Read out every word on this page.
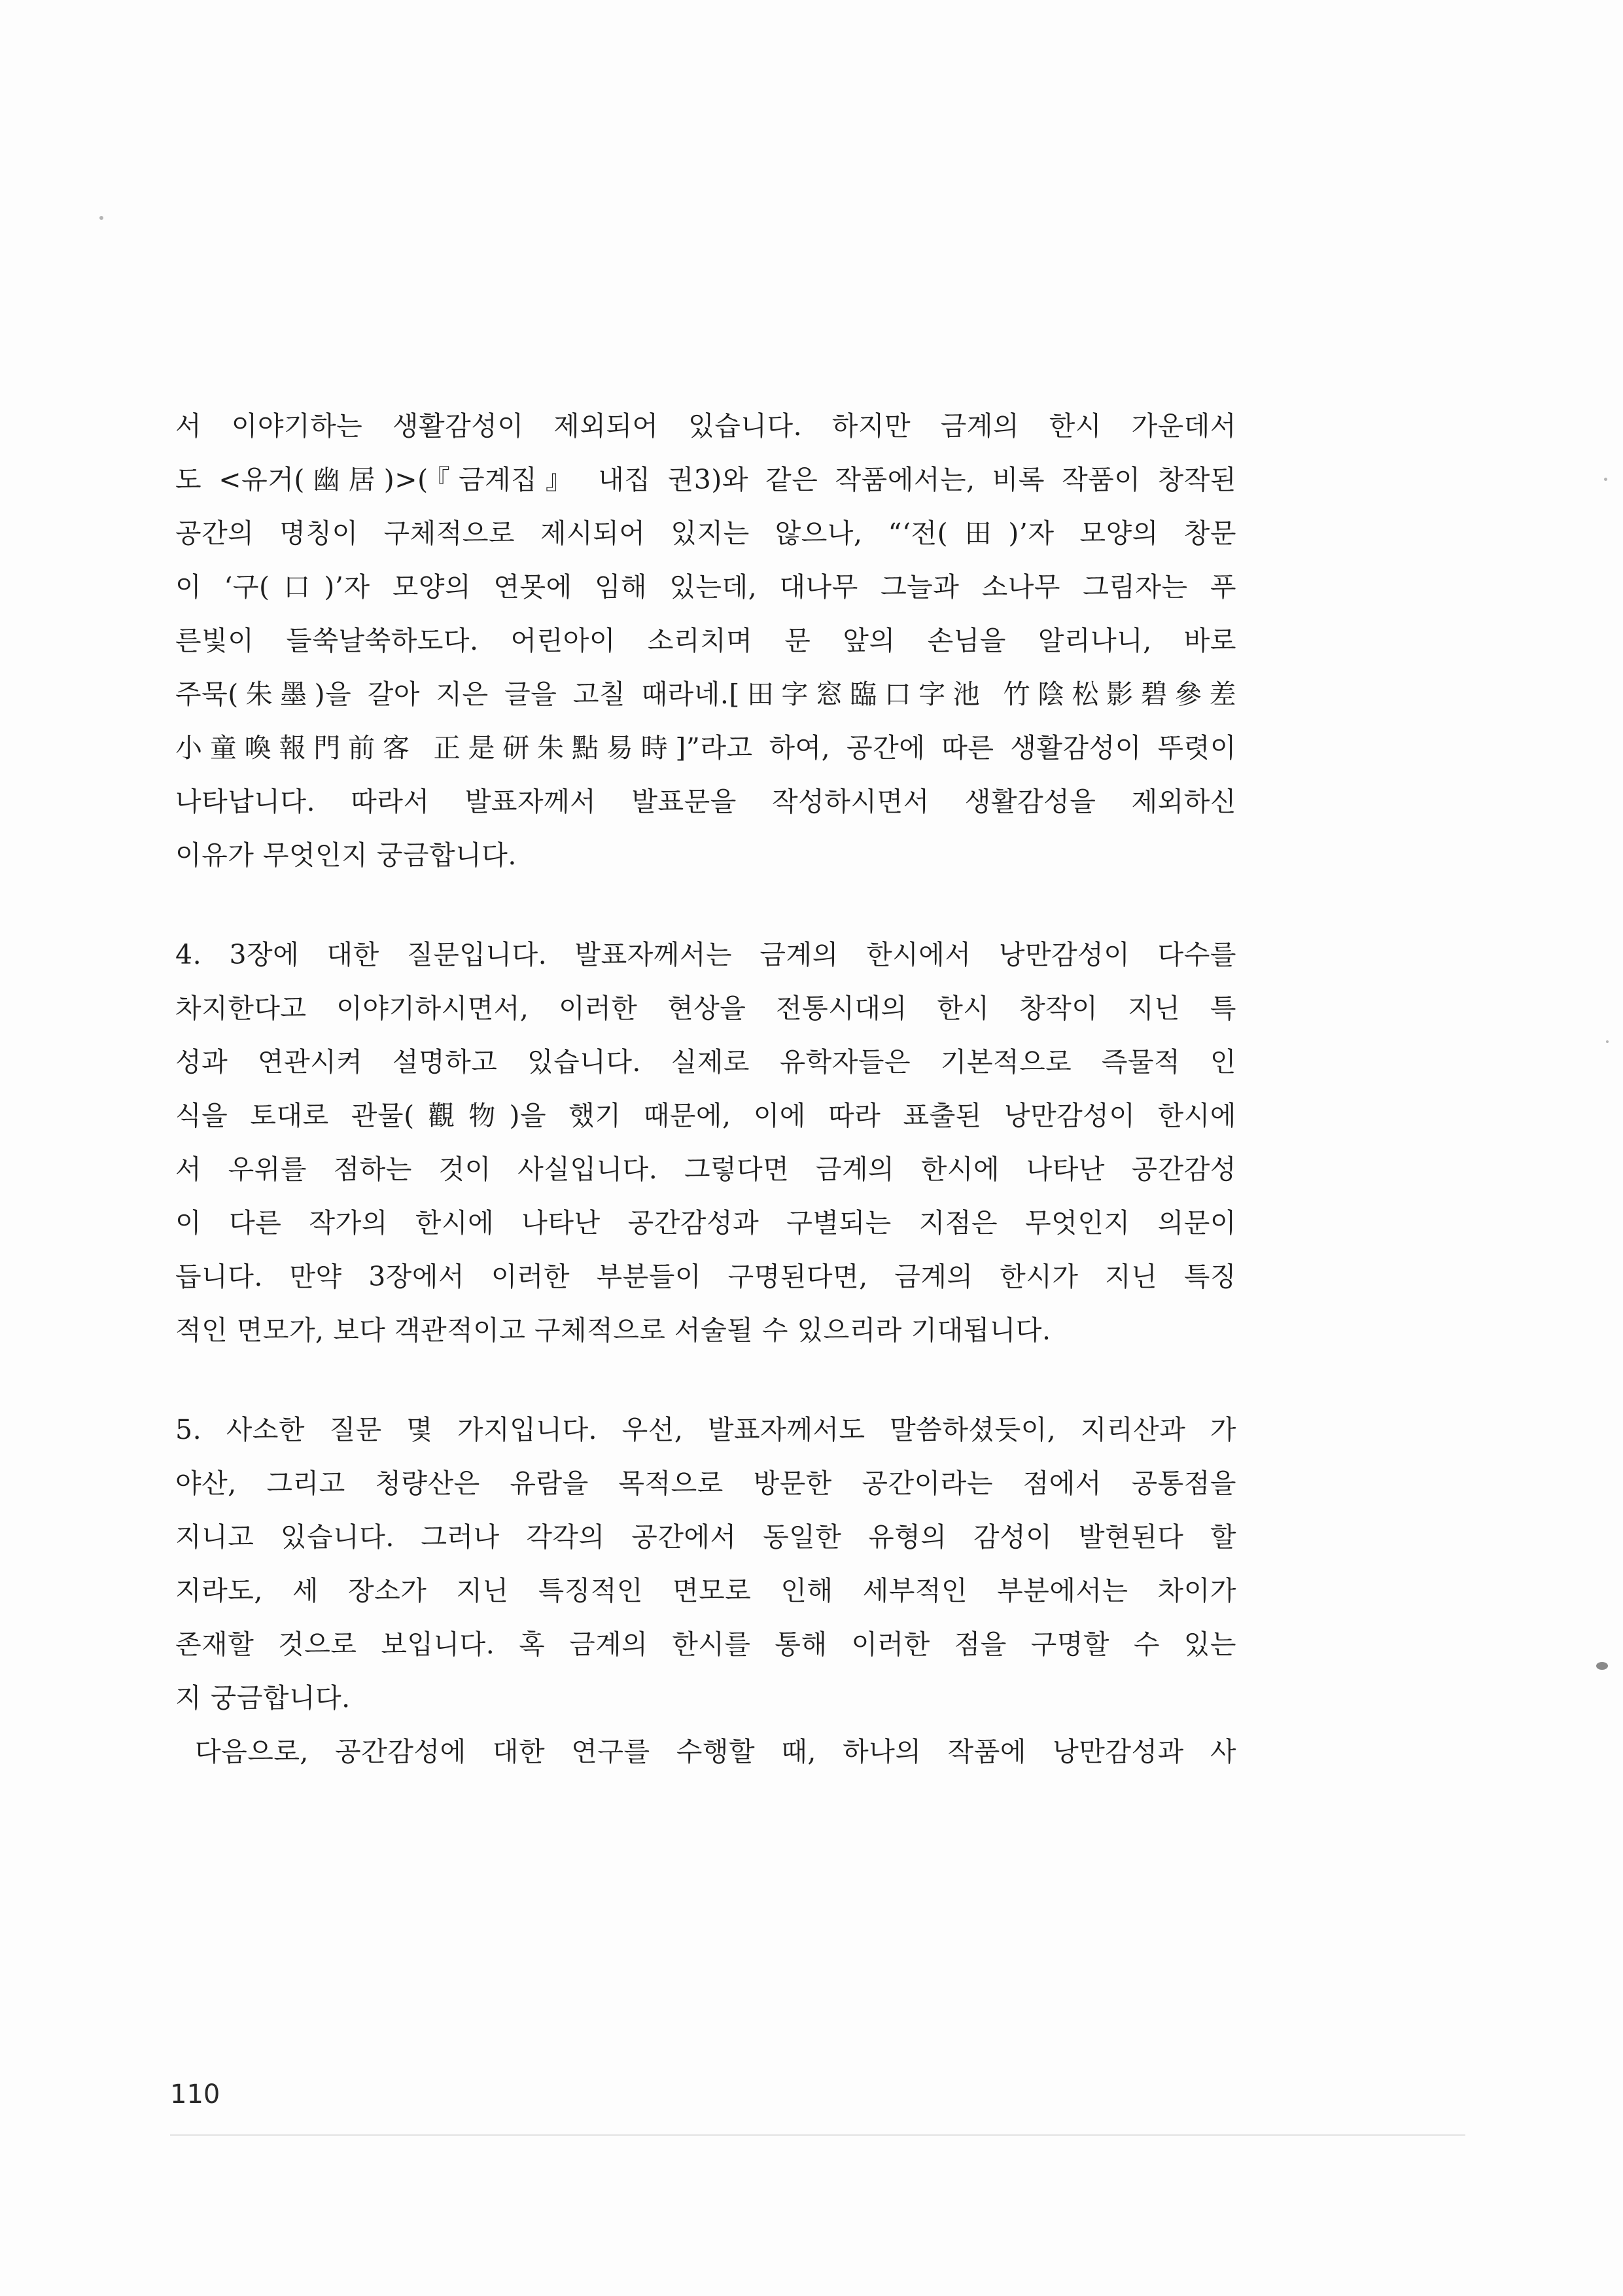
서 이야기하는 생활감성이 제외되어 있습니다. 하지만 금계의 한시 가운데서
도 <유거(幽居)>(『금계집』 내집 권3)와 같은 작품에서는, 비록 작품이 창작된
공간의 명칭이 구체적으로 제시되어 있지는 않으나, “‘전(田)’자 모양의 창문
이 ‘구(口)’자 모양의 연못에 임해 있는데, 대나무 그늘과 소나무 그림자는 푸
른빛이 들쑥날쑥하도다. 어린아이 소리치며 문 앞의 손님을 알리나니, 바로
주묵(朱墨)을 갈아 지은 글을 고칠 때라네.[田字窓臨口字池 竹陰松影碧參差
小童喚報門前客 正是研朱點易時]”라고 하여, 공간에 따른 생활감성이 뚜렷이
나타납니다. 따라서 발표자께서 발표문을 작성하시면서 생활감성을 제외하신
이유가 무엇인지 궁금합니다.
4. 3장에 대한 질문입니다. 발표자께서는 금계의 한시에서 낭만감성이 다수를
차지한다고 이야기하시면서, 이러한 현상을 전통시대의 한시 창작이 지닌 특
성과 연관시켜 설명하고 있습니다. 실제로 유학자들은 기본적으로 즉물적 인
식을 토대로 관물(觀物)을 했기 때문에, 이에 따라 표출된 낭만감성이 한시에
서 우위를 점하는 것이 사실입니다. 그렇다면 금계의 한시에 나타난 공간감성
이 다른 작가의 한시에 나타난 공간감성과 구별되는 지점은 무엇인지 의문이
듭니다. 만약 3장에서 이러한 부분들이 구명된다면, 금계의 한시가 지닌 특징
적인 면모가, 보다 객관적이고 구체적으로 서술될 수 있으리라 기대됩니다.
5. 사소한 질문 몇 가지입니다. 우선, 발표자께서도 말씀하셨듯이, 지리산과 가
야산, 그리고 청량산은 유람을 목적으로 방문한 공간이라는 점에서 공통점을
지니고 있습니다. 그러나 각각의 공간에서 동일한 유형의 감성이 발현된다 할
지라도, 세 장소가 지닌 특징적인 면모로 인해 세부적인 부분에서는 차이가
존재할 것으로 보입니다. 혹 금계의 한시를 통해 이러한 점을 구명할 수 있는
지 궁금합니다.
다음으로, 공간감성에 대한 연구를 수행할 때, 하나의 작품에 낭만감성과 사
110
